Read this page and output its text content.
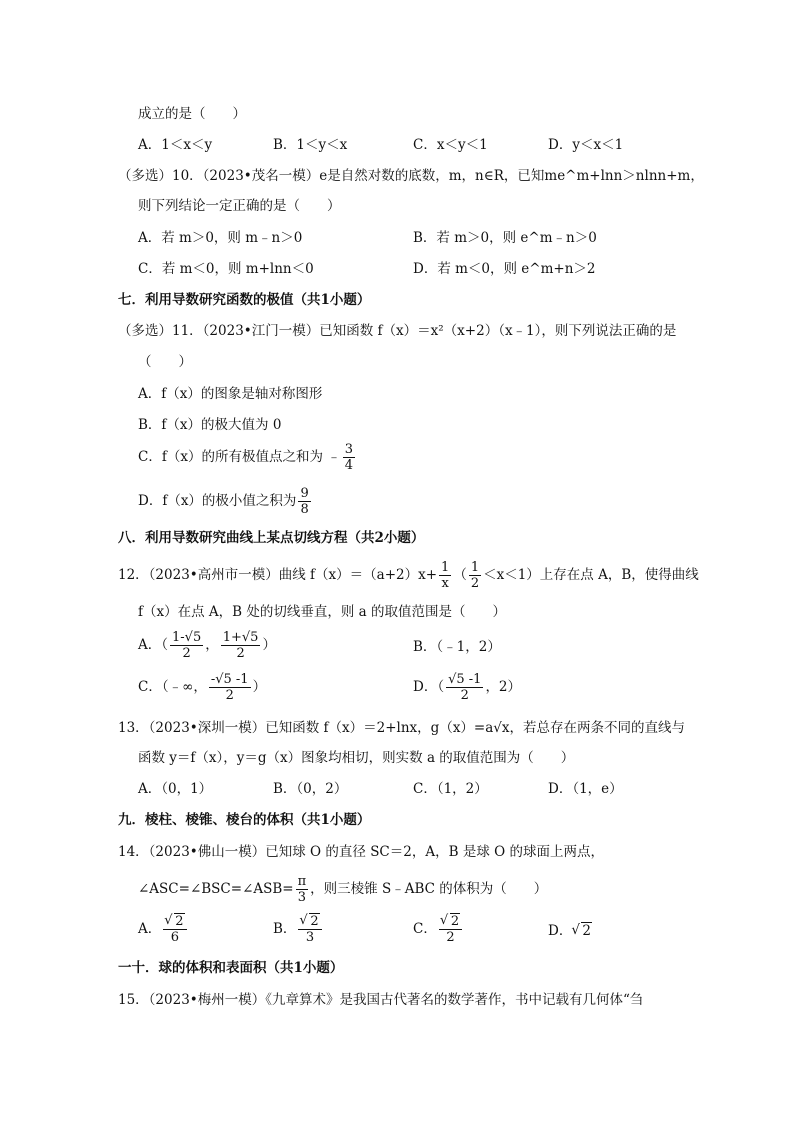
成立的是（　　）
A．1＜x＜y	B．1＜y＜x	C．x＜y＜1	D．y＜x＜1
（多选）10．（2023•茂名一模）e是自然对数的底数，m，n∈R，已知me^m+lnn＞nlnn+m，
则下列结论一定正确的是（　　）
A．若 m＞0，则 m﹣n＞0	B．若 m＞0，则 e^m﹣n＞0
C．若 m＜0，则 m+lnn＜0	D．若 m＜0，则 e^m+n＞2
七．利用导数研究函数的极值（共1小题）
（多选）11．（2023•江门一模）已知函数 f（x）＝x²（x+2）（x﹣1），则下列说法正确的是
（　　）
A．f（x）的图象是轴对称图形
B．f（x）的极大值为 0
C．f（x）的所有极值点之和为 ﹣ $\frac{3}{4}$
D．f（x）的极小值之积为 $\frac{9}{8}$
八．利用导数研究曲线上某点切线方程（共2小题）
12．（2023•高州市一模）曲线 $f(x)=(a+2)x+ \frac{1}{x}$ （ $\frac{1}{2} <x<1$）上存在点 A，B，使得曲线
f（x）在点 A，B 处的切线垂直，则 a 的取值范围是（　　）
A．（ $\frac{1-√5}{2}$ ， $\frac{1+√5}{2}$ ）	B．（﹣1，2）
C．（﹣∞， $\frac{-√5 -1}{2}$ ）	D．（ $\frac{√5 -1}{2}$ ，2）
13．（2023•深圳一模）已知函数 f（x）＝2+lnx，g（x）=a√x，若总存在两条不同的直线与
函数 y＝f（x），y＝g（x）图象均相切，则实数 a 的取值范围为（　　）
A．（0，1）	B．（0，2）	C．（1，2）	D．（1，e）
九．棱柱、棱锥、棱台的体积（共1小题）
14．（2023•佛山一模）已知球 O 的直径 SC＝2，A，B 是球 O 的球面上两点，
∠ASC=∠BSC=∠ASB= $\frac{\pi}{3}$ ，则三棱锥 S﹣ABC 的体积为（　　）
A． √ $\frac{2}{6}$	B． √ $\frac{2}{3}$	C． √ $\frac{2}{2}$	D． √ 2
一十．球的体积和表面积（共1小题）
15．（2023•梅州一模）《九章算术》是我国古代著名的数学著作，书中记载有几何体“刍
